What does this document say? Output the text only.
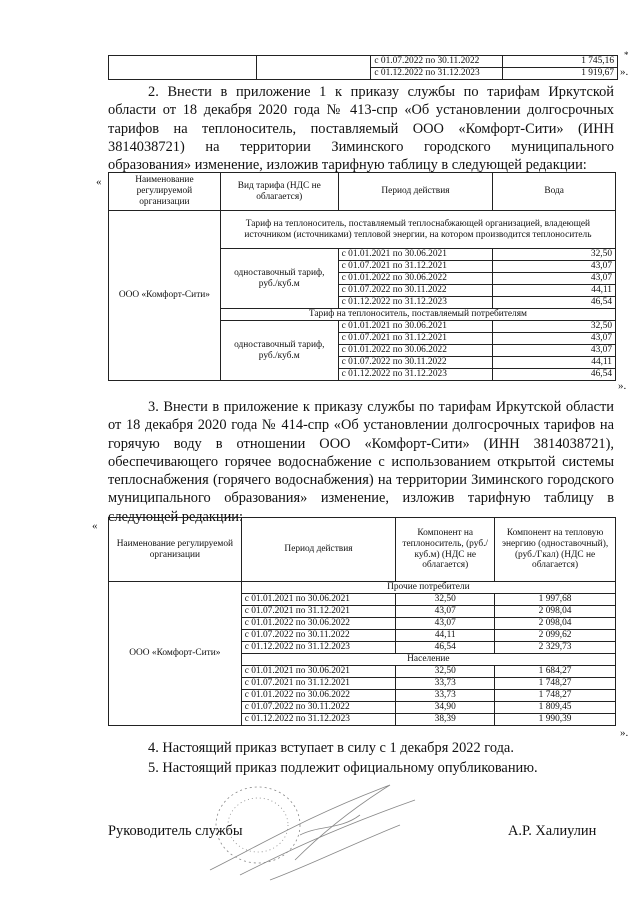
		с 01.07.2022 по 30.11.2022	1 745,16
		с 01.12.2022 по 31.12.2023	1 919,67 ».
*
2. Внести в приложение 1 к приказу службы по тарифам Иркутской области от 18 декабря 2020 года № 413-спр «Об установлении долгосрочных тарифов на теплоноситель, поставляемый ООО «Комфорт-Сити» (ИНН 3814038721) на территории Зиминского городского муниципального образования» изменение, изложив тарифную таблицу в следующей редакции:
«	Наименование регулируемой организации	Вид тарифа (НДС не облагается)	Период действия	Вода
ООО «Комфорт-Сити»	Тариф на теплоноситель, поставляемый теплоснабжающей организацией, владеющей источником (источниками) тепловой энергии, на котором производится теплоноситель		
	одноставочный тариф, руб./куб.м	с 01.01.2021 по 30.06.2021	32,50
		с 01.07.2021 по 31.12.2021	43,07
		с 01.01.2022 по 30.06.2022	43,07
		с 01.07.2022 по 30.11.2022	44,11
		с 01.12.2022 по 31.12.2023	46,54
	Тариф на теплоноситель, поставляемый потребителям		
	одноставочный тариф, руб./куб.м	с 01.01.2021 по 30.06.2021	32,50
		с 01.07.2021 по 31.12.2021	43,07
		с 01.01.2022 по 30.06.2022	43,07
		с 01.07.2022 по 30.11.2022	44,11
		с 01.12.2022 по 31.12.2023	46,54
».
3. Внести в приложение к приказу службы по тарифам Иркутской области от 18 декабря 2020 года № 414-спр «Об установлении долгосрочных тарифов на горячую воду в отношении ООО «Комфорт-Сити» (ИНН 3814038721), обеспечивающего горячее водоснабжение с использованием открытой системы теплоснабжения (горячего водоснабжения) на территории Зиминского городского муниципального образования» изменение, изложив тарифную таблицу в следующей редакции:
«
Наименование регулируемой организации	Период действия	Компонент на теплоноситель, (руб./куб.м) (НДС не облагается)	Компонент на тепловую энергию (одноставочный), (руб./Гкал) (НДС не облагается)
ООО «Комфорт-Сити»	Прочие потребители		
	с 01.01.2021 по 30.06.2021	32,50	1 997,68
	с 01.07.2021 по 31.12.2021	43,07	2 098,04
	с 01.01.2022 по 30.06.2022	43,07	2 098,04
	с 01.07.2022 по 30.11.2022	44,11	2 099,62
	с 01.12.2022 по 31.12.2023	46,54	2 329,73
	Население		
	с 01.01.2021 по 30.06.2021	32,50	1 684,27
	с 01.07.2021 по 31.12.2021	33,73	1 748,27
	с 01.01.2022 по 30.06.2022	33,73	1 748,27
	с 01.07.2022 по 30.11.2022	34,90	1 809,45
	с 01.12.2022 по 31.12.2023	38,39	1 990,39
».
4. Настоящий приказ вступает в силу с 1 декабря 2022 года.
5. Настоящий приказ подлежит официальному опубликованию.
Руководитель службы	А.Р. Халиулин
